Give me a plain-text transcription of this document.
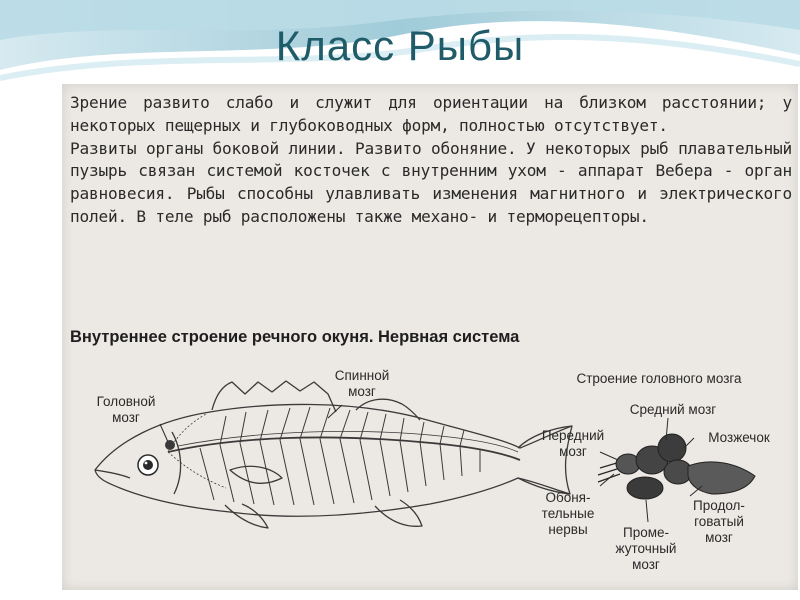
Класс Рыбы

Зрение развито слабо и служит для ориентации на близком расстоянии; у некоторых пещерных и глубоководных форм, полностью отсутствует.

Развиты органы боковой линии. Развито обоняние. У некоторых рыб плавательный пузырь связан системой косточек с внутренним ухом - аппарат Вебера - орган равновесия. Рыбы способны улавливать изменения магнитного и электрического полей. В теле рыб расположены также механо- и терморецепторы.

Внутреннее строение речного окуня. Нервная система
Головной
мозг
Спинной
мозг
Строение головного мозга
Средний мозг
Передний
мозг
Мозжечок
Обоня-
тельные
нервы	Проме-
жуточный
мозг
Продол-
говатый
мозг
